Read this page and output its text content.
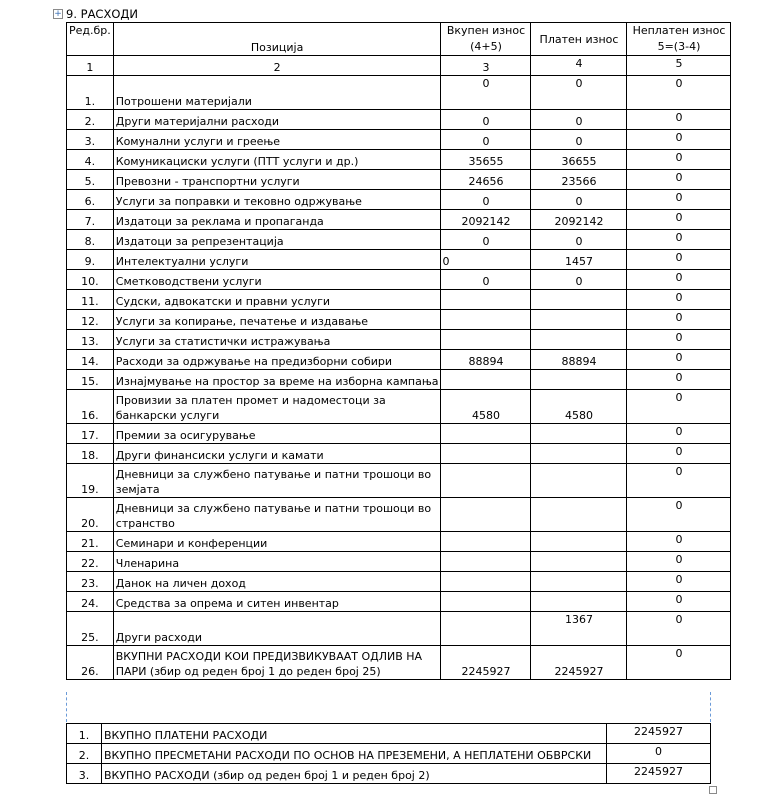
+ 9. РАСХОДИ
Ред.бр.	Позиција	Вкупен износ (4+5)	Платен износ	Неплатен износ 5=(3-4)
1	2	3	4	5
1.	Потрошени материјали	0	0	0
2.	Други материјални расходи	0	0	0
3.	Комунални услуги и греење	0	0	0
4.	Комуникациски услуги (ПТТ услуги и др.)	35655	36655	0
5.	Превозни - транспортни услуги	24656	23566	0
6.	Услуги за поправки и тековно одржување	0	0	0
7.	Издатоци за реклама и пропаганда	2092142	2092142	0
8.	Издатоци за репрезентација	0	0	0
9.	Интелектуални услуги	0	1457	0
10.	Сметководствени услуги	0	0	0
11.	Судски, адвокатски и правни услуги			0
12.	Услуги за копирање, печатење и издавање			0
13.	Услуги за статистички истражувања			0
14.	Расходи за одржување на предизборни собири	88894	88894	0
15.	Изнајмување на простор за време на изборна кампања			0
16.	Провизии за платен промет и надоместоци за банкарски услуги	4580	4580	0
17.	Премии за осигурување			0
18.	Други финансиски услуги и камати			0
19.	Дневници за службено патување и патни трошоци во земјата			0
20.	Дневници за службено патување и патни трошоци во странство			0
21.	Семинари и конференции			0
22.	Членарина			0
23.	Данок на личен доход			0
24.	Средства за опрема и ситен инвентар			0
25.	Други расходи		1367	0
26.	ВКУПНИ РАСХОДИ КОИ ПРЕДИЗВИКУВААТ ОДЛИВ НА ПАРИ (збир од реден број 1 до реден број 25)	2245927	2245927	0
1.	ВКУПНО ПЛАТЕНИ РАСХОДИ	2245927
2.	ВКУПНО ПРЕСМЕТАНИ РАСХОДИ ПО ОСНОВ НА ПРЕЗЕМЕНИ, А НЕПЛАТЕНИ ОБВРСКИ	0
3.	ВКУПНО РАСХОДИ (збир од реден број 1 и реден број 2)	2245927
